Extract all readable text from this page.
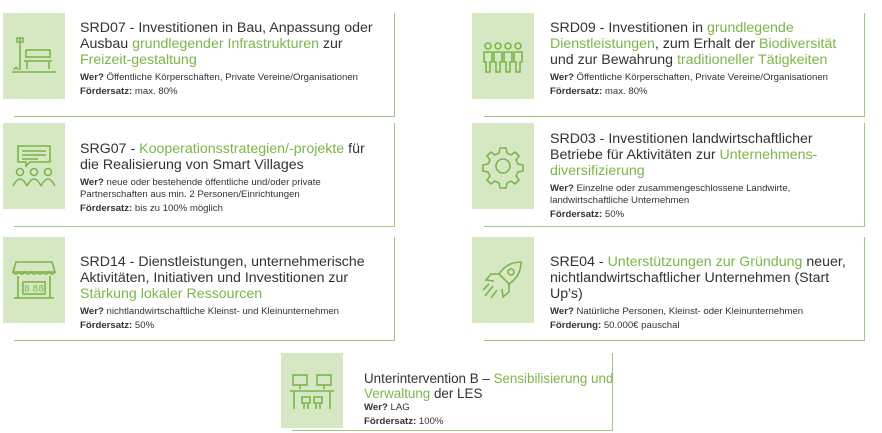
SRD07 - Investitionen in Bau, Anpassung oder Ausbau grundlegender Infrastrukturen zur Freizeit-gestaltung
Wer? Öffentliche Körperschaften, Private Vereine/Organisationen
Fördersatz: max. 80%
SRD09 - Investitionen in grundlegende Dienstleistungen, zum Erhalt der Biodiversität und zur Bewahrung traditioneller Tätigkeiten
Wer? Öffentliche Körperschaften, Private Vereine/Organisationen
Fördersatz: max. 80%
SRG07 - Kooperationsstrategien/-projekte für die Realisierung von Smart Villages
Wer? neue oder bestehende öffentliche und/oder private Partnerschaften aus min. 2 Personen/Einrichtungen
Fördersatz: bis zu 100% möglich
SRD03 - Investitionen landwirtschaftlicher Betriebe für Aktivitäten zur Unternehmens-diversifizierung
Wer? Einzelne oder zusammengeschlossene Landwirte, landwirtschaftliche Unternehmen
Fördersatz: 50%
8 88
SRD14 - Dienstleistungen, unternehmerische Aktivitäten, Initiativen und Investitionen zur Stärkung lokaler Ressourcen
Wer? nichtlandwirtschaftliche Kleinst- und Kleinunternehmen
Fördersatz: 50%
SRE04 - Unterstützungen zur Gründung neuer, nichtlandwirtschaftlicher Unternehmen (Start Up's)
Wer? Natürliche Personen, Kleinst- oder Kleinunternehmen
Förderung: 50.000€ pauschal
Unterintervention B – Sensibilisierung und Verwaltung der LES
Wer? LAG
Fördersatz: 100%
